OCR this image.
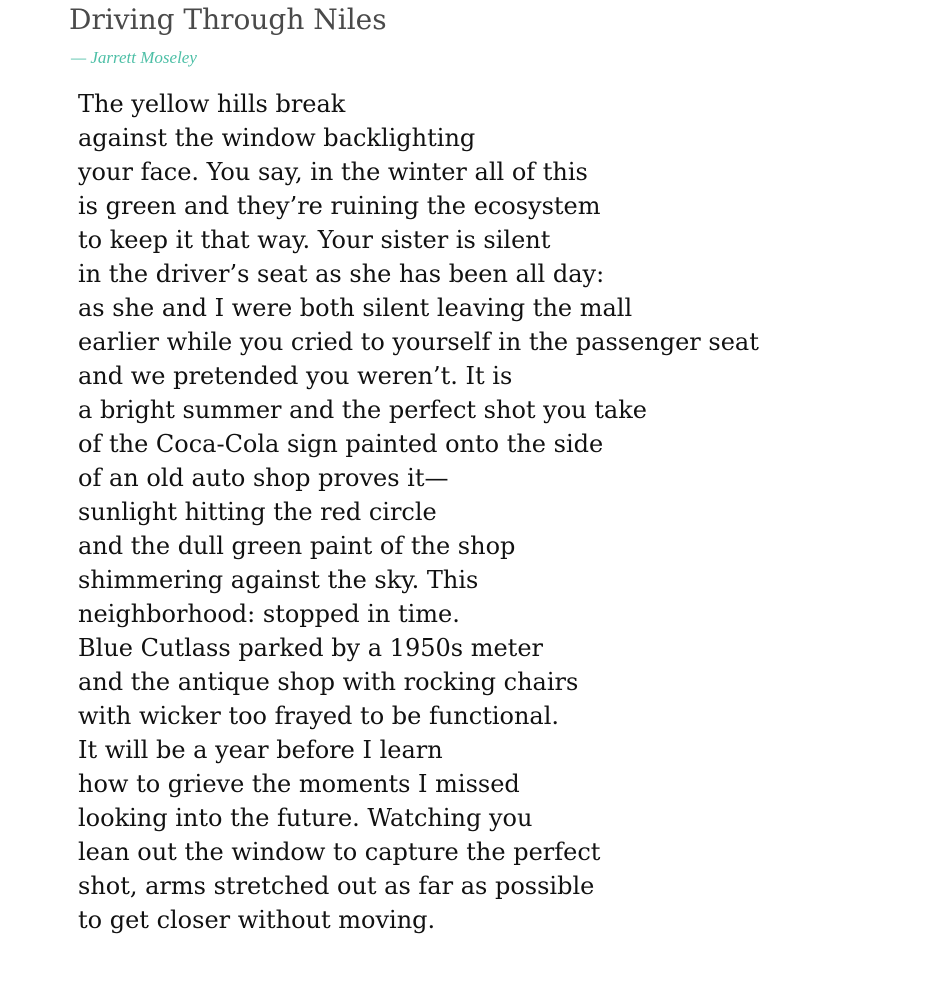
Driving Through Niles

— Jarrett Moseley

The yellow hills break
against the window backlighting
your face. You say, in the winter all of this
is green and they’re ruining the ecosystem
to keep it that way. Your sister is silent
in the driver’s seat as she has been all day:
as she and I were both silent leaving the mall
earlier while you cried to yourself in the passenger seat
and we pretended you weren’t. It is
a bright summer and the perfect shot you take
of the Coca-Cola sign painted onto the side
of an old auto shop proves it—
sunlight hitting the red circle
and the dull green paint of the shop
shimmering against the sky. This
neighborhood: stopped in time.
Blue Cutlass parked by a 1950s meter
and the antique shop with rocking chairs
with wicker too frayed to be functional.
It will be a year before I learn
how to grieve the moments I missed
looking into the future. Watching you
lean out the window to capture the perfect
shot, arms stretched out as far as possible
to get closer without moving.
